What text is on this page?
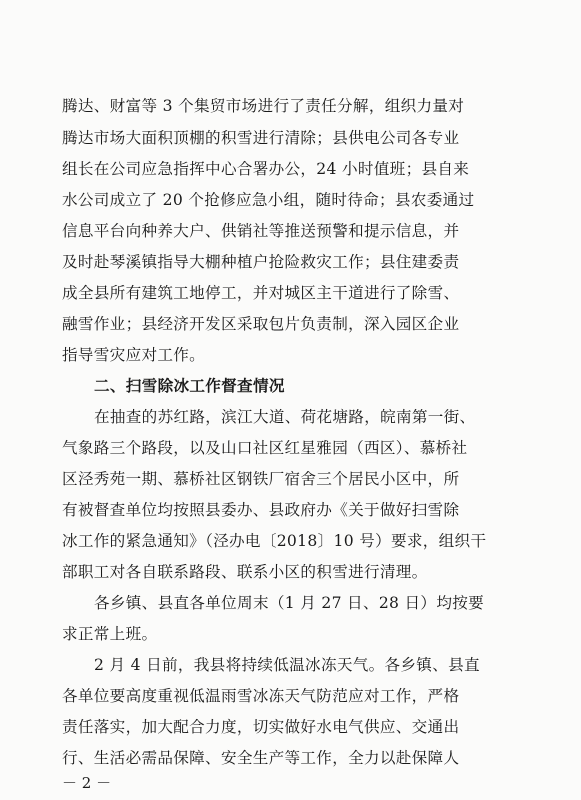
腾达、财富等 3 个集贸市场进行了责任分解，组织力量对
腾达市场大面积顶棚的积雪进行清除；县供电公司各专业
组长在公司应急指挥中心合署办公，24 小时值班；县自来
水公司成立了 20 个抢修应急小组，随时待命；县农委通过
信息平台向种养大户、供销社等推送预警和提示信息，并
及时赴琴溪镇指导大棚种植户抢险救灾工作；县住建委责
成全县所有建筑工地停工，并对城区主干道进行了除雪、
融雪作业；县经济开发区采取包片负责制，深入园区企业
指导雪灾应对工作。
二、扫雪除冰工作督查情况
在抽查的苏红路，滨江大道、荷花塘路，皖南第一街、
气象路三个路段，以及山口社区红星雅园（西区）、慕桥社
区泾秀苑一期、慕桥社区钢铁厂宿舍三个居民小区中，所
有被督查单位均按照县委办、县政府办《关于做好扫雪除
冰工作的紧急通知》（泾办电〔2018〕10 号）要求，组织干
部职工对各自联系路段、联系小区的积雪进行清理。
各乡镇、县直各单位周末（1 月 27 日、28 日）均按要
求正常上班。
2 月 4 日前，我县将持续低温冰冻天气。各乡镇、县直
各单位要高度重视低温雨雪冰冻天气防范应对工作，严格
责任落实，加大配合力度，切实做好水电气供应、交通出
行、生活必需品保障、安全生产等工作，全力以赴保障人
－ 2 －
